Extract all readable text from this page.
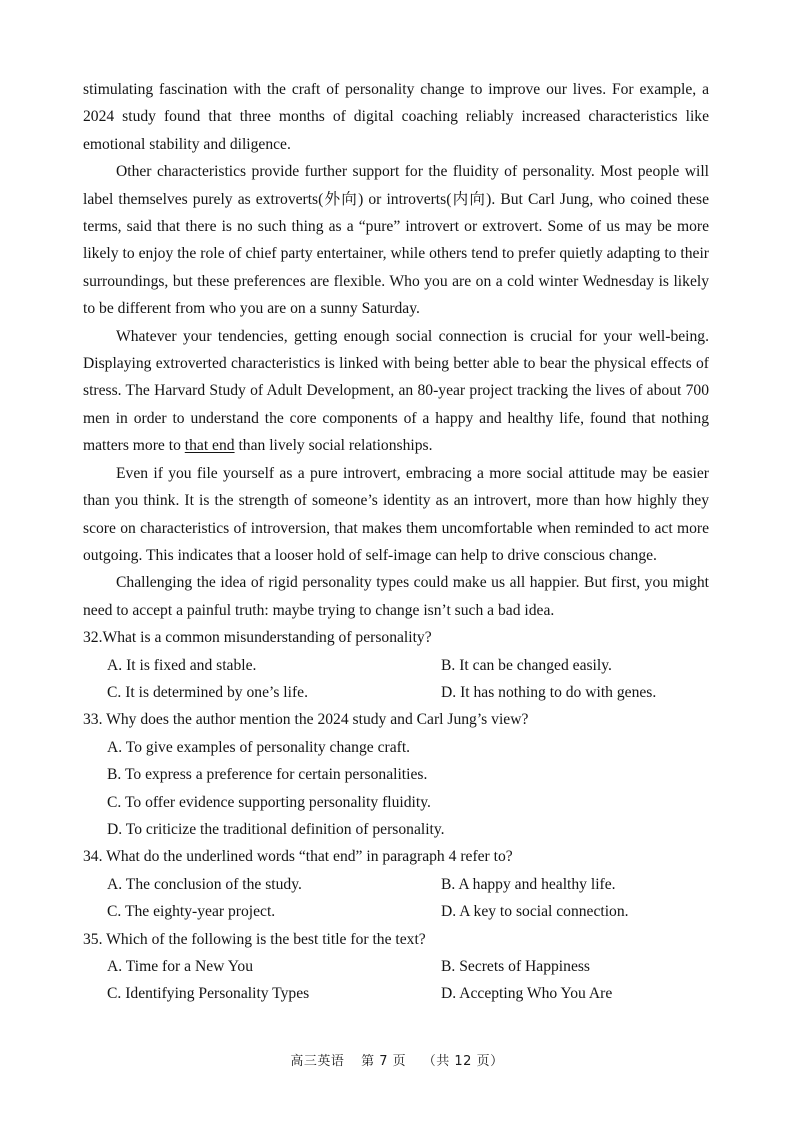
stimulating fascination with the craft of personality change to improve our lives. For example, a 2024 study found that three months of digital coaching reliably increased characteristics like emotional stability and diligence.

Other characteristics provide further support for the fluidity of personality. Most people will label themselves purely as extroverts(外向) or introverts(内向). But Carl Jung, who coined these terms, said that there is no such thing as a “pure” introvert or extrovert. Some of us may be more likely to enjoy the role of chief party entertainer, while others tend to prefer quietly adapting to their surroundings, but these preferences are flexible. Who you are on a cold winter Wednesday is likely to be different from who you are on a sunny Saturday.

Whatever your tendencies, getting enough social connection is crucial for your well-being. Displaying extroverted characteristics is linked with being better able to bear the physical effects of stress. The Harvard Study of Adult Development, an 80-year project tracking the lives of about 700 men in order to understand the core components of a happy and healthy life, found that nothing matters more to that end than lively social relationships.

Even if you file yourself as a pure introvert, embracing a more social attitude may be easier than you think. It is the strength of someone’s identity as an introvert, more than how highly they score on characteristics of introversion, that makes them uncomfortable when reminded to act more outgoing. This indicates that a looser hold of self-image can help to drive conscious change.

Challenging the idea of rigid personality types could make us all happier. But first, you might need to accept a painful truth: maybe trying to change isn’t such a bad idea.

32.What is a common misunderstanding of personality?

A. It is fixed and stable.	B. It can be changed easily.
C. It is determined by one’s life.	D. It has nothing to do with genes.

33. Why does the author mention the 2024 study and Carl Jung’s view?

A. To give examples of personality change craft.
B. To express a preference for certain personalities.
C. To offer evidence supporting personality fluidity.
D. To criticize the traditional definition of personality.

34. What do the underlined words “that end” in paragraph 4 refer to?

A. The conclusion of the study.	B. A happy and healthy life.
C. The eighty-year project.	D. A key to social connection.

35. Which of the following is the best title for the text?

A. Time for a New You	B. Secrets of Happiness
C. Identifying Personality Types	D. Accepting Who You Are
高三英语 第 7 页 （共 12 页）
